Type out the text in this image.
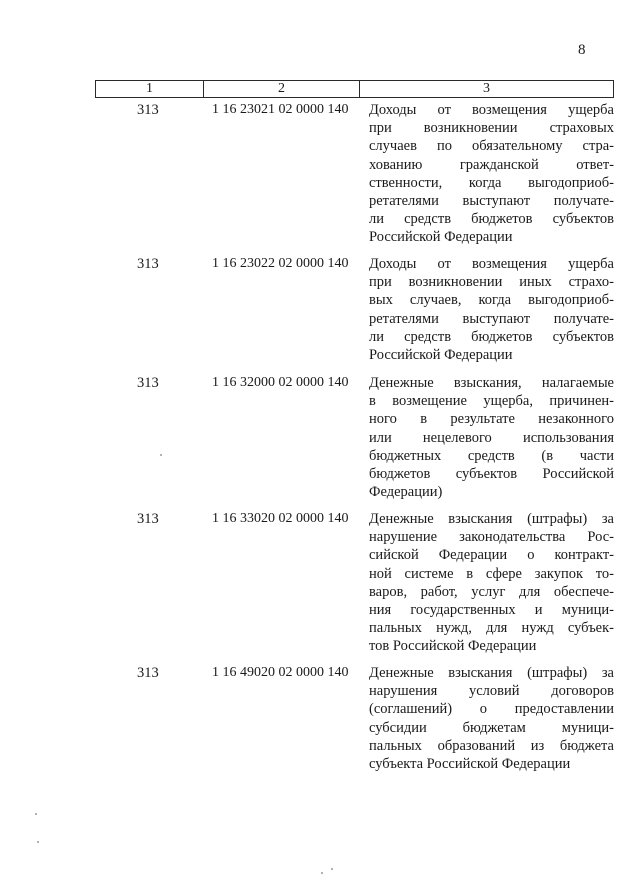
8
1	2	3
313	1 16 23021 02 0000 140	Доходы от возмещения ущерба
при возникновении страховых
случаев по обязательному стра-
хованию гражданской ответ-
ственности, когда выгодоприоб-
ретателями выступают получате-
ли средств бюджетов субъектов
Российской Федерации
313	1 16 23022 02 0000 140	Доходы от возмещения ущерба
при возникновении иных страхо-
вых случаев, когда выгодоприоб-
ретателями выступают получате-
ли средств бюджетов субъектов
Российской Федерации
313	1 16 32000 02 0000 140	Денежные взыскания, налагаемые
в возмещение ущерба, причинен-
ного в результате незаконного
или нецелевого использования
бюджетных средств (в части
бюджетов субъектов Российской
Федерации)
313	1 16 33020 02 0000 140	Денежные взыскания (штрафы) за
нарушение законодательства Рос-
сийской Федерации о контракт-
ной системе в сфере закупок то-
варов, работ, услуг для обеспече-
ния государственных и муници-
пальных нужд, для нужд субъек-
тов Российской Федерации
313	1 16 49020 02 0000 140	Денежные взыскания (штрафы) за
нарушения условий договоров
(соглашений) о предоставлении
субсидии бюджетам муници-
пальных образований из бюджета
субъекта Российской Федерации
